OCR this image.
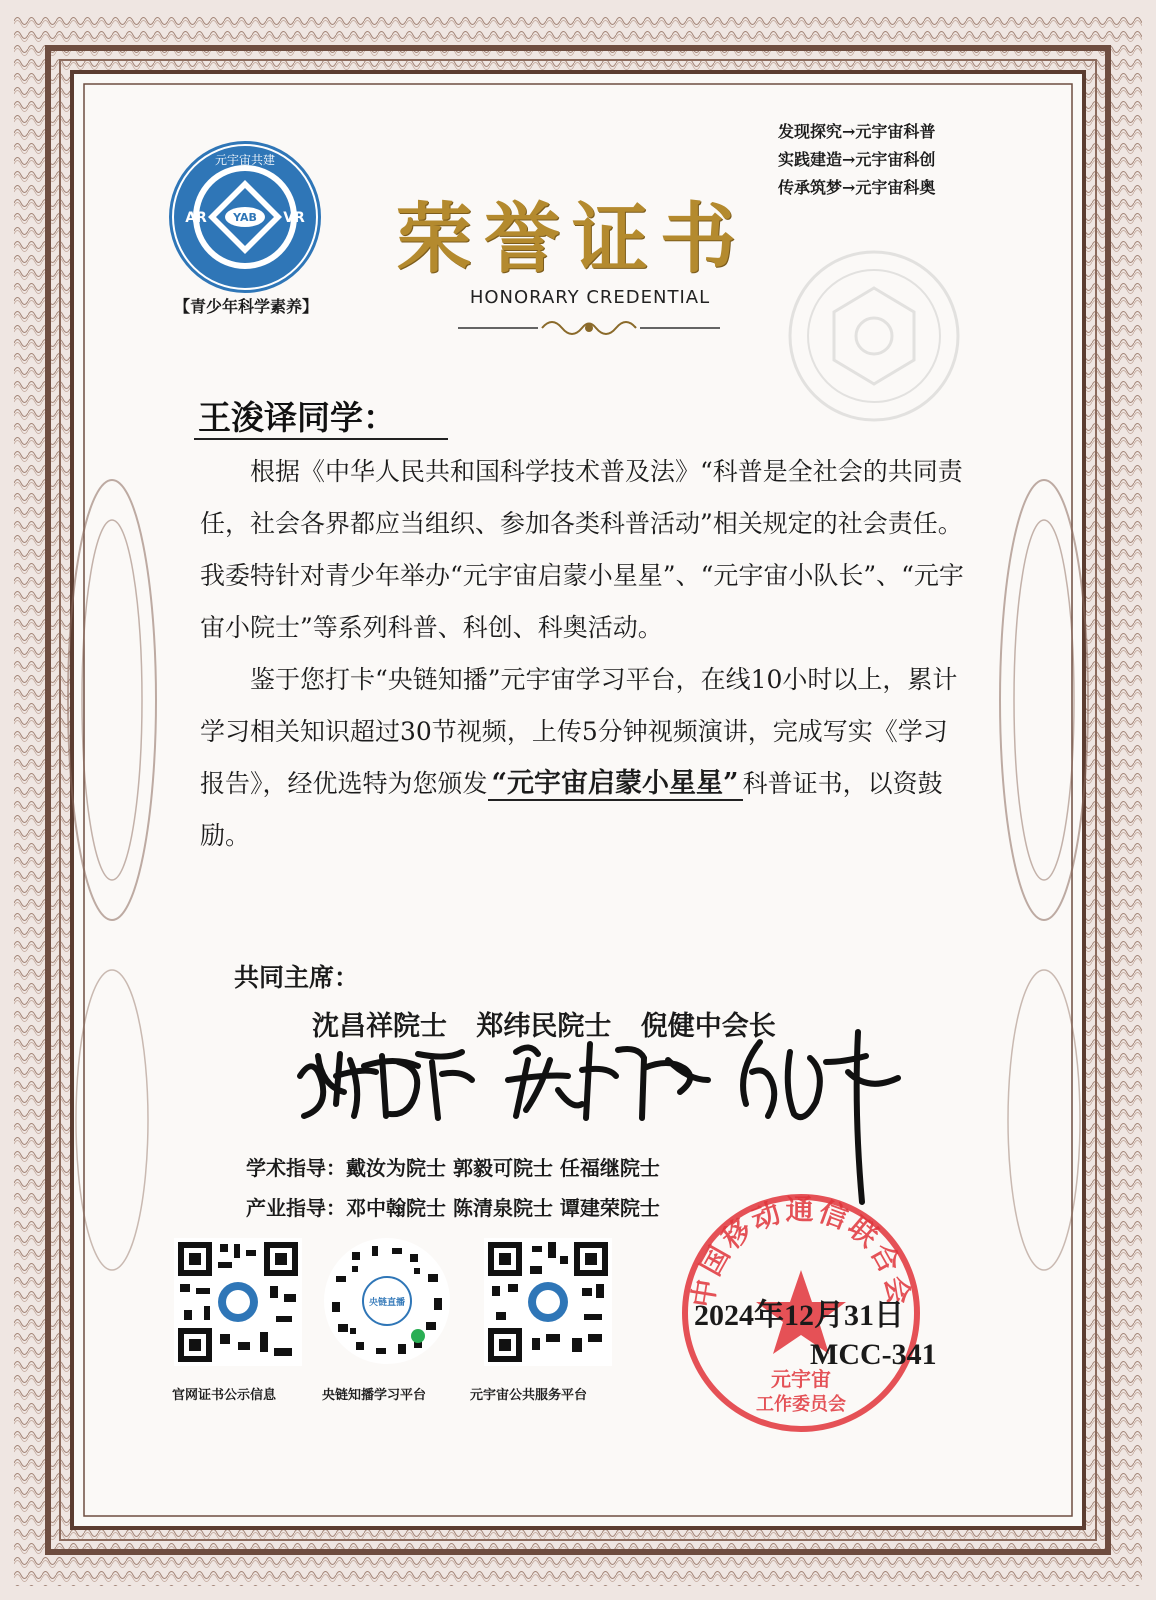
发现探究→元宇宙科普
实践建造→元宇宙科创
传承筑梦→元宇宙科奥
YAB
AR	VR
元宇宙共建
【青少年科学素养】
荣誉证书
HONORARY CREDENTIAL
王浚译同学：

根据《中华人民共和国科学技术普及法》“科普是全社会的共同责任，社会各界都应当组织、参加各类科普活动”相关规定的社会责任。我委特针对青少年举办“元宇宙启蒙小星星”、“元宇宙小队长”、“元宇宙小院士”等系列科普、科创、科奥活动。

鉴于您打卡“央链知播”元宇宙学习平台，在线10小时以上，累计学习相关知识超过30节视频，上传5分钟视频演讲，完成写实《学习报告》，经优选特为您颁发 “元宇宙启蒙小星星” 科普证书，以资鼓励。

共同主席：
沈昌祥院士 郑纬民院士 倪健中会长
学术指导：戴汝为院士 郭毅可院士 任福继院士
产业指导：邓中翰院士 陈清泉院士 谭建荣院士
央链直播
官网证书公示信息	央链知播学习平台	元宇宙公共服务平台
中国移动通信联合会
元宇宙
工作委员会
2024年12月31日
MCC-341
